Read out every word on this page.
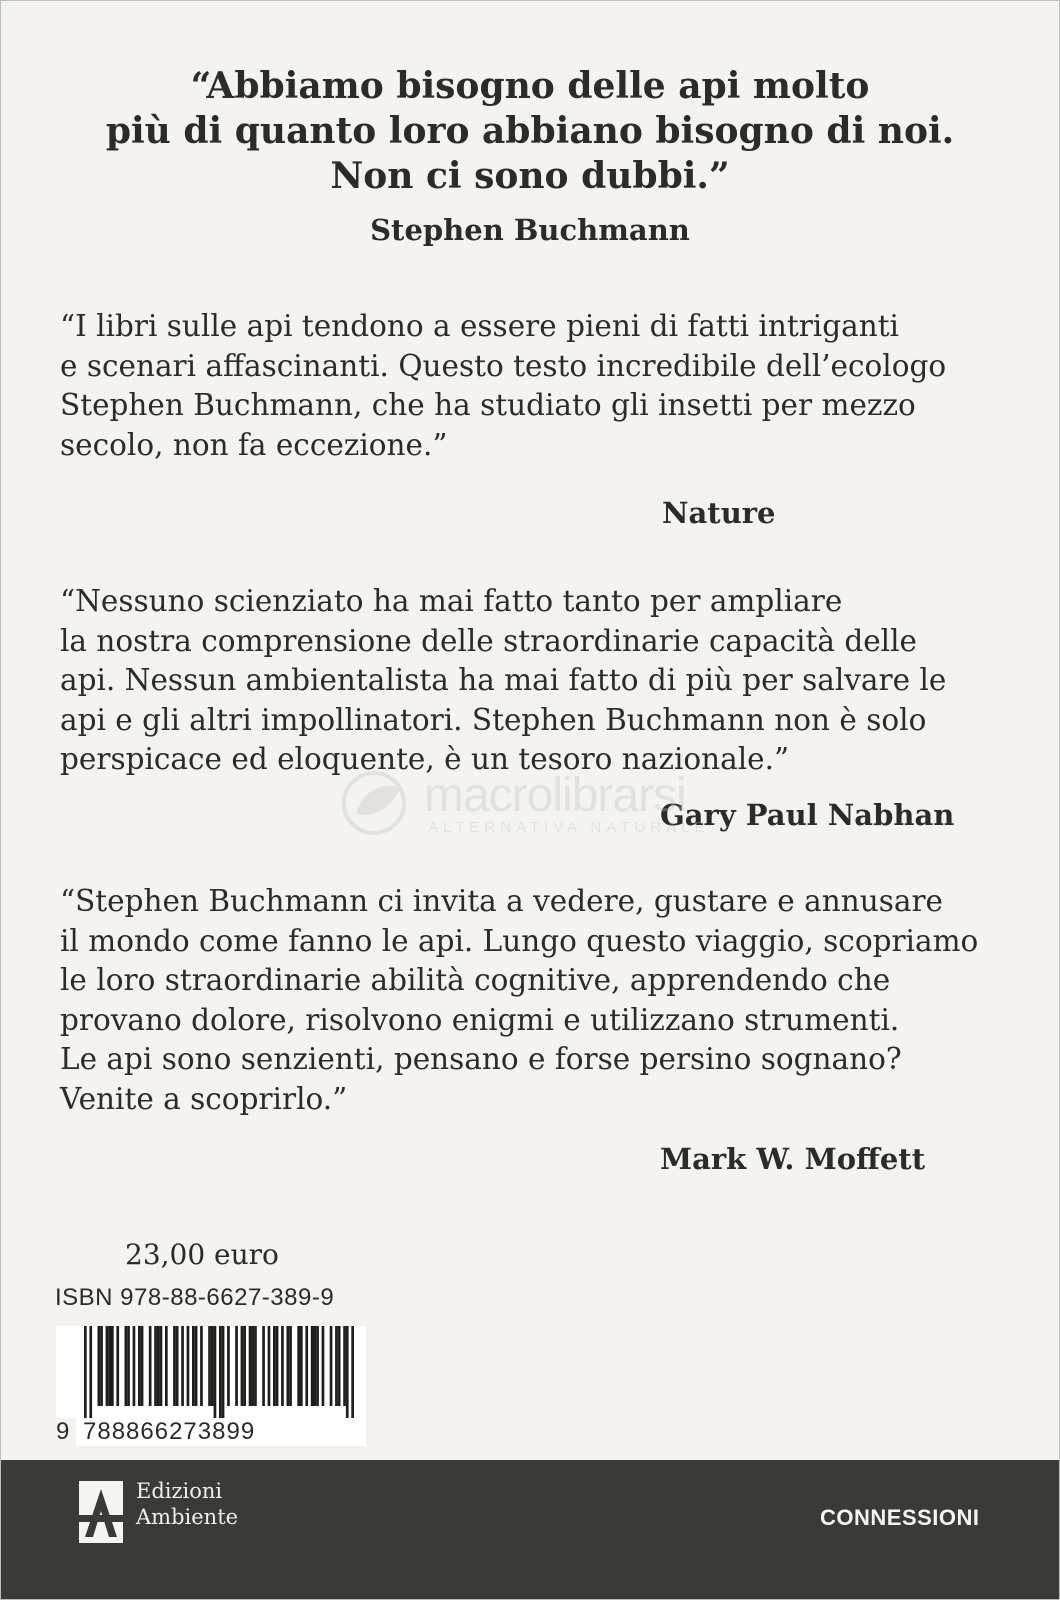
“Abbiamo bisogno delle api molto
più di quanto loro abbiano bisogno di noi.
Non ci sono dubbi.”
Stephen Buchmann
“I libri sulle api tendono a essere pieni di fatti intriganti
e scenari affascinanti. Questo testo incredibile dell’ecologo
Stephen Buchmann, che ha studiato gli insetti per mezzo
secolo, non fa eccezione.”
Nature
“Nessuno scienziato ha mai fatto tanto per ampliare
la nostra comprensione delle straordinarie capacità delle
api. Nessun ambientalista ha mai fatto di più per salvare le
api e gli altri impollinatori. Stephen Buchmann non è solo
perspicace ed eloquente, è un tesoro nazionale.”
Gary Paul Nabhan
“Stephen Buchmann ci invita a vedere, gustare e annusare
il mondo come fanno le api. Lungo questo viaggio, scopriamo
le loro straordinarie abilità cognitive, apprendendo che
provano dolore, risolvono enigmi e utilizzano strumenti.
Le api sono senzienti, pensano e forse persino sognano?
Venite a scoprirlo.”
Mark W. Moffett
macrolibrarsi
ALTERNATIVA NATURALE
23,00 euro
ISBN 978-88-6627-389-9
9 788866273899
Edizioni
Ambiente	CONNESSIONI
